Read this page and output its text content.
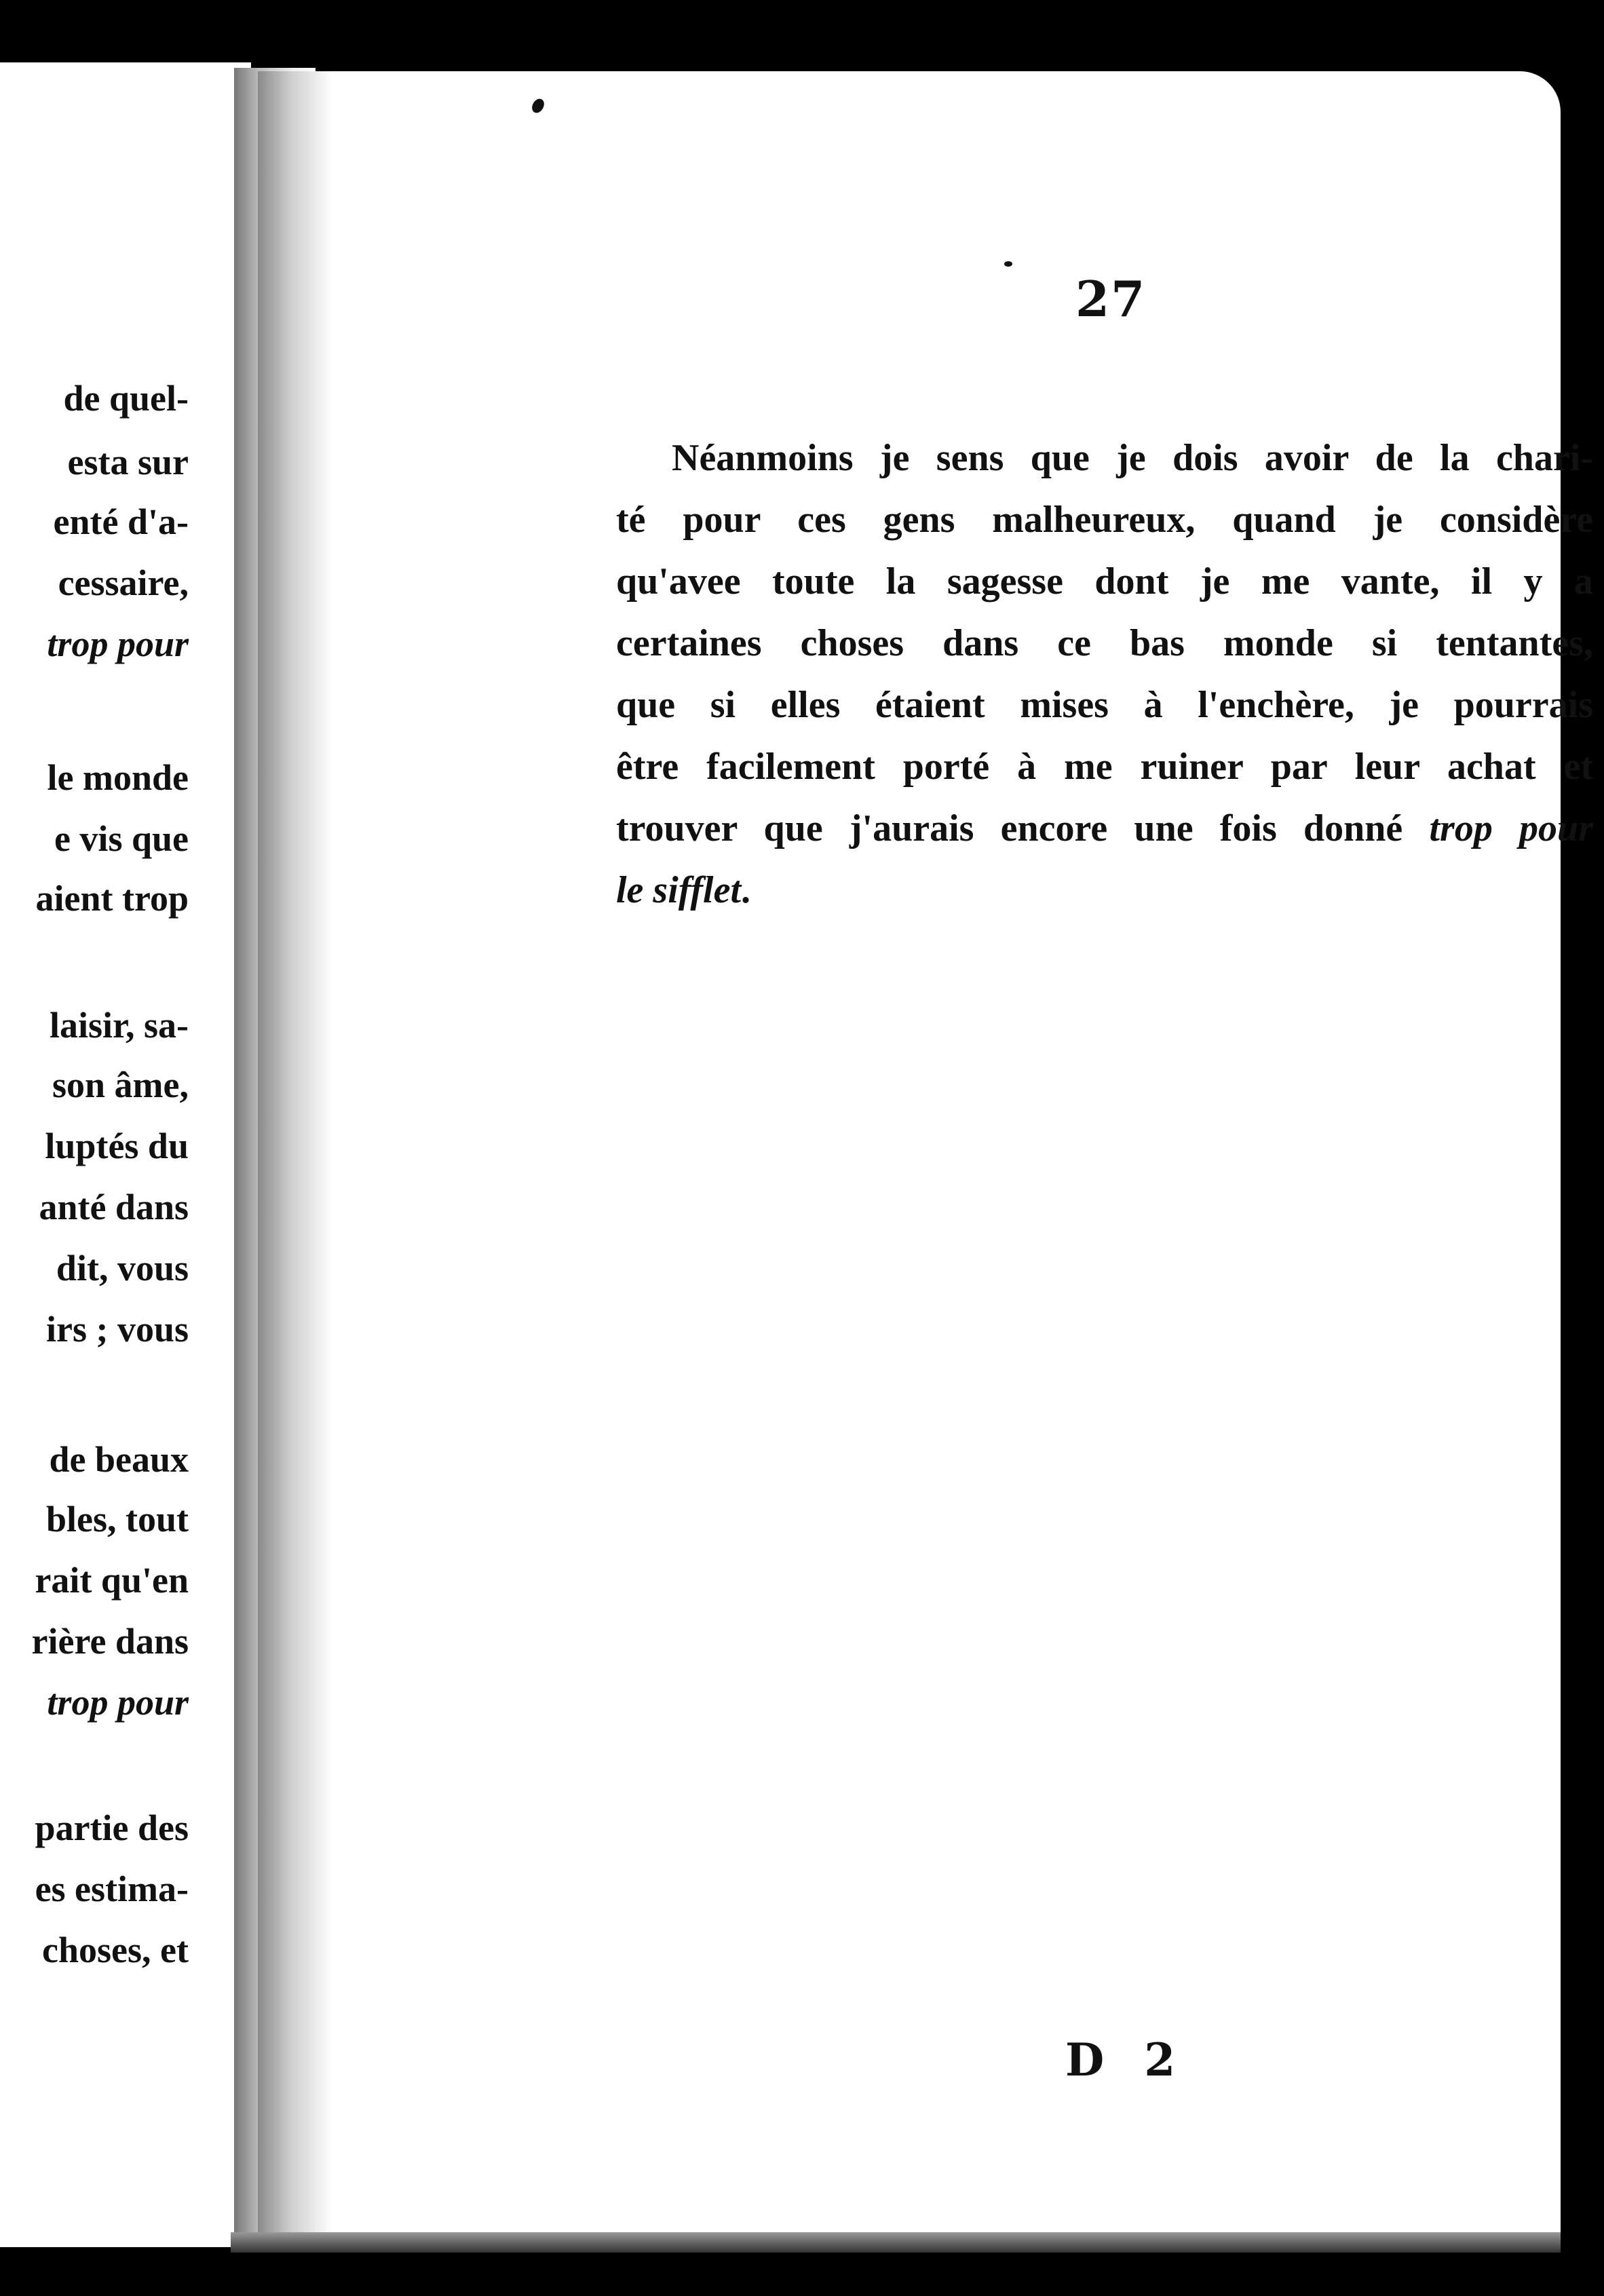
de quel-
esta sur
enté d'a-
cessaire,
trop pour
le monde
e vis que
aient trop
laisir, sa-
son âme,
luptés du
anté dans
dit, vous
irs ; vous
de beaux
bles, tout
rait qu'en
rière dans
trop pour
partie des
es estima-
choses, et
27

Néanmoins je sens que je dois avoir de la chari-
té pour ces gens malheureux, quand je considère
qu'avee toute la sagesse dont je me vante, il y a
certaines choses dans ce bas monde si tentantes,
que si elles étaient mises à l'enchère, je pourrais
être facilement porté à me ruiner par leur achat et
trouver que j'aurais encore une fois donné trop pour
le sifflet.

D 2
